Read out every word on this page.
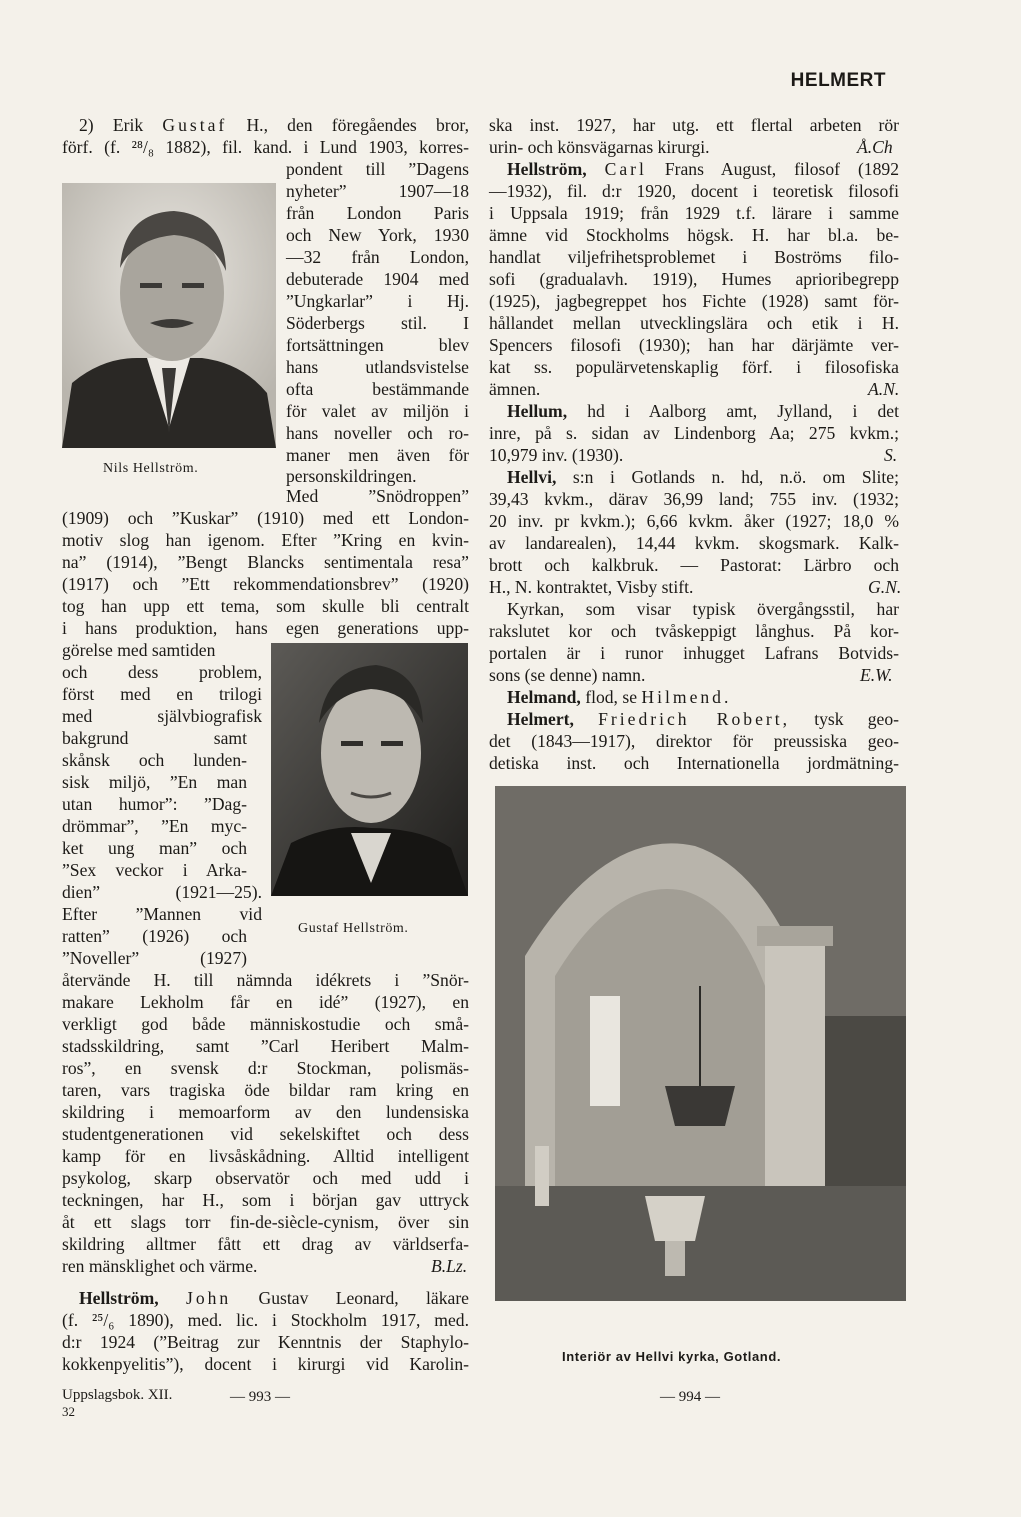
HELMERT
Nils Hellström.
Gustaf Hellström.
Interiör av Hellvi kyrka, Gotland.
2) Erik Gustaf H., den föregåendes bror,
förf. (f. ²⁸/₈ 1882), fil. kand. i Lund 1903, korres-
pondent till ”Dagens
nyheter” 1907—18
från London Paris
och New York, 1930
—32 från London,
debuterade 1904 med
”Ungkarlar” i Hj.
Söderbergs stil. I
fortsättningen blev
hans utlandsvistelse
ofta bestämmande
för valet av miljön i
hans noveller och ro-
maner men även för
personskildringen.
Med ”Snödroppen”
(1909) och ”Kuskar” (1910) med ett London-
motiv slog han igenom. Efter ”Kring en kvin-
na” (1914), ”Bengt Blancks sentimentala resa”
(1917) och ”Ett rekommendationsbrev” (1920)
tog han upp ett tema, som skulle bli centralt
i hans produktion, hans egen generations upp-
görelse med samtiden
och dess problem,
först med en trilogi
med självbiografisk
bakgrund samt
skånsk och lunden-
sisk miljö, ”En man
utan humor”: ”Dag-
drömmar”, ”En myc-
ket ung man” och
”Sex veckor i Arka-
dien” (1921—25).
Efter ”Mannen vid
ratten” (1926) och
”Noveller” (1927)
återvände H. till nämnda idékrets i ”Snör-
makare Lekholm får en idé” (1927), en
verkligt god både människostudie och små-
stadsskildring, samt ”Carl Heribert Malm-
ros”, en svensk d:r Stockman, polismäs-
taren, vars tragiska öde bildar ram kring en
skildring i memoarform av den lundensiska
studentgenerationen vid sekelskiftet och dess
kamp för en livsåskådning. Alltid intelligent
psykolog, skarp observatör och med udd i
teckningen, har H., som i början gav uttryck
åt ett slags torr fin-de-siècle-cynism, över sin
skildring alltmer fått ett drag av världserfa-
ren mänsklighet och värme.	B.Lz.
Hellström, John Gustav Leonard, läkare
(f. ²⁵/₆ 1890), med. lic. i Stockholm 1917, med.
d:r 1924 (”Beitrag zur Kenntnis der Staphylo-
kokkenpyelitis”), docent i kirurgi vid Karolin-
ska inst. 1927, har utg. ett flertal arbeten rör
urin- och könsvägarnas kirurgi.	Å.Ch
Hellström, Carl Frans August, filosof (1892
—1932), fil. d:r 1920, docent i teoretisk filosofi
i Uppsala 1919; från 1929 t.f. lärare i samme
ämne vid Stockholms högsk. H. har bl.a. be-
handlat viljefrihetsproblemet i Boströms filo-
sofi (gradualavh. 1919), Humes aprioribegrepp
(1925), jagbegreppet hos Fichte (1928) samt för-
hållandet mellan utvecklingslära och etik i H.
Spencers filosofi (1930); han har därjämte ver-
kat ss. populärvetenskaplig förf. i filosofiska
ämnen.	A.N.
Hellum, hd i Aalborg amt, Jylland, i det
inre, på s. sidan av Lindenborg Aa; 275 kvkm.;
10,979 inv. (1930).	S.
Hellvi, s:n i Gotlands n. hd, n.ö. om Slite;
39,43 kvkm., därav 36,99 land; 755 inv. (1932;
20 inv. pr kvkm.); 6,66 kvkm. åker (1927; 18,0 %
av landarealen), 14,44 kvkm. skogsmark. Kalk-
brott och kalkbruk. — Pastorat: Lärbro och
H., N. kontraktet, Visby stift.	G.N.
Kyrkan, som visar typisk övergångsstil, har
rakslutet kor och tvåskeppigt långhus. På kor-
portalen är i runor inhugget Lafrans Botvids-
sons (se denne) namn.	E.W.
Helmand, flod, se Hilmend.
Helmert, Friedrich Robert, tysk geo-
det (1843—1917), direktor för preussiska geo-
detiska inst. och Internationella jordmätning-
Uppslagsbok. XII.
32
— 993 —	— 994 —
